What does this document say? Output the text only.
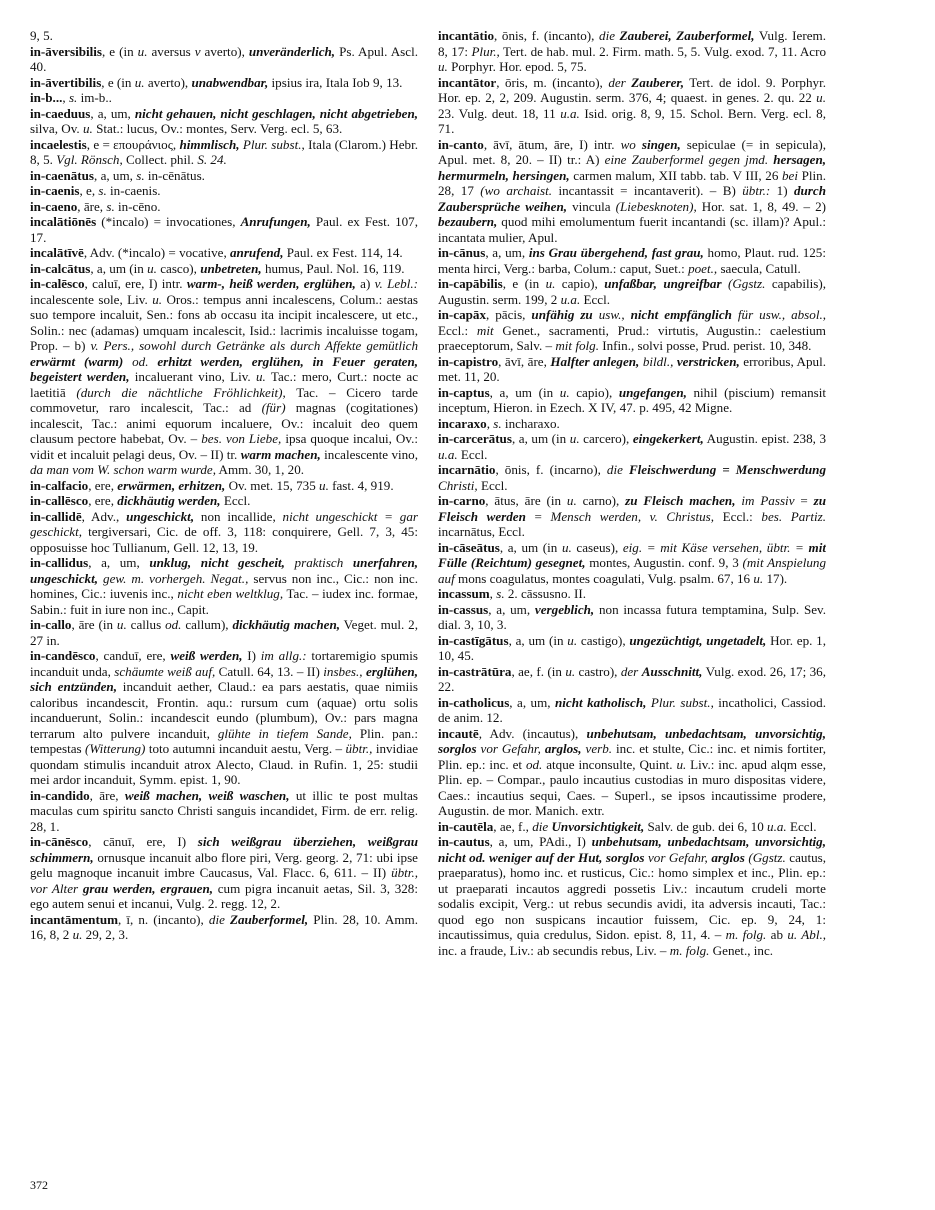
9, 5.

in-āversibilis, e (in u. aversus v averto), unveränderlich, Ps. Apul. Ascl. 40.

in-āvertibilis, e (in u. averto), unabwendbar, ipsius ira, Itala Iob 9, 13.

in-b..., s. im-b..

in-caeduus, a, um, nicht gehauen, nicht geschlagen, nicht abgetrieben, silva, Ov. u. Stat.: lucus, Ov.: montes, Serv. Verg. ecl. 5, 63.

incaelestis, e = επουράνιος, himmlisch, Plur. subst., Itala (Clarom.) Hebr. 8, 5. Vgl. Rönsch, Collect. phil. S. 24.

in-caenātus, a, um, s. in-cēnātus.

in-caenis, e, s. in-caenis.

in-caeno, āre, s. in-cēno.

incalātiōnēs (*incalo) = invocationes, Anrufungen, Paul. ex Fest. 107, 17.

incalātīvē, Adv. (*incalo) = vocative, anrufend, Paul. ex Fest. 114, 14.

in-calcātus, a, um (in u. casco), unbetreten, humus, Paul. Nol. 16, 119.

in-calēsco, caluī, ere, I) intr. warm-, heiß werden, erglühen, a) v. Lebl.: incalescente sole, Liv. u. Oros.: tempus anni incalescens, Colum.: aestas suo tempore incaluit, Sen.: fons ab occasu ita incipit incalescere, ut etc., Solin.: nec (adamas) umquam incalescit, Isid.: lacrimis incaluisse togam, Prop. – b) v. Pers., sowohl durch Getränke als durch Affekte gemütlich erwärmt (warm) od. erhitzt werden, erglühen, in Feuer geraten, begeistert werden, incaluerant vino, Liv. u. Tac.: mero, Curt.: nocte ac laetitiā (durch die nächtliche Fröhlichkeit), Tac. – Cicero tarde commovetur, raro incalescit, Tac.: ad (für) magnas (cogitationes) incalescit, Tac.: animi equorum incaluere, Ov.: incaluit deo quem clausum pectore habebat, Ov. – bes. von Liebe, ipsa quoque incalui, Ov.: vidit et incaluit pelagi deus, Ov. – II) tr. warm machen, incalescente vino, da man vom W. schon warm wurde, Amm. 30, 1, 20.

in-calfacio, ere, erwärmen, erhitzen, Ov. met. 15, 735 u. fast. 4, 919.

in-callēsco, ere, dickhäutig werden, Eccl.

in-callidē, Adv., ungeschickt, non incallide, nicht ungeschickt = gar geschickt, tergiversari, Cic. de off. 3, 118: conquirere, Gell. 7, 3, 45: opposuisse hoc Tullianum, Gell. 12, 13, 19.

in-callidus, a, um, unklug, nicht gescheit, praktisch unerfahren, ungeschickt, gew. m. vorhergeh. Negat., servus non inc., Cic.: non inc. homines, Cic.: iuvenis inc., nicht eben weltklug, Tac. – iudex inc. formae, Sabin.: fuit in iure non inc., Capit.

in-callo, āre (in u. callus od. callum), dickhäutig machen, Veget. mul. 2, 27 in.

in-candēsco, canduī, ere, weiß werden, I) im allg.: tortaremigio spumis incanduit unda, schäumte weiß auf, Catull. 64, 13. – II) insbes., erglühen, sich entzünden, incanduit aether, Claud.: ea pars aestatis, quae nimiis caloribus incandescit, Frontin. aqu.: rursum cum (aquae) ortu solis incanduerunt, Solin.: incandescit eundo (plumbum), Ov.: pars magna terrarum alto pulvere incanduit, glühte in tiefem Sande, Plin. pan.: tempestas (Witterung) toto autumni incanduit aestu, Verg. – übtr., invidiae quondam stimulis incanduit atrox Alecto, Claud. in Rufin. 1, 25: studii mei ardor incanduit, Symm. epist. 1, 90.

in-candido, āre, weiß machen, weiß waschen, ut illic te post multas maculas cum spiritu sancto Christi sanguis incandidet, Firm. de err. relig. 28, 1.

in-cānēsco, cānuī, ere, I) sich weißgrau überziehen, weißgrau schimmern, ornusque incanuit albo flore piri, Verg. georg. 2, 71: ubi ipse gelu magnoque incanuit imbre Caucasus, Val. Flacc. 6, 611. – II) übtr., vor Alter grau werden, ergrauen, cum pigra incanuit aetas, Sil. 3, 328: ego autem senui et incanui, Vulg. 2. regg. 12, 2.

incantāmentum, ī, n. (incanto), die Zauberformel, Plin. 28, 10. Amm. 16, 8, 2 u. 29, 2, 3.

incantātio, ōnis, f. (incanto), die Zauberei, Zauberformel, Vulg. Ierem. 8, 17: Plur., Tert. de hab. mul. 2. Firm. math. 5, 5. Vulg. exod. 7, 11. Acro u. Porphyr. Hor. epod. 5, 75.

incantātor, ōris, m. (incanto), der Zauberer, Tert. de idol. 9. Porphyr. Hor. ep. 2, 2, 209. Augustin. serm. 376, 4; quaest. in genes. 2. qu. 22 u. 23. Vulg. deut. 18, 11 u.a. Isid. orig. 8, 9, 15. Schol. Bern. Verg. ecl. 8, 71.

in-canto, āvī, ātum, āre, I) intr. wo singen, sepiculae (= in sepicula), Apul. met. 8, 20. – II) tr.: A) eine Zauberformel gegen jmd. hersagen, hermurmeln, hersingen, carmen malum, XII tabb. tab. V III, 26 bei Plin. 28, 17 (wo archaist. incantassit = incantaverit). – B) übtr.: 1) durch Zaubersprüche weihen, vincula (Liebesknoten), Hor. sat. 1, 8, 49. – 2) bezaubern, quod mihi emolumentum fuerit incantandi (sc. illam)? Apul.: incantata mulier, Apul.

in-cānus, a, um, ins Grau übergehend, fast grau, homo, Plaut. rud. 125: menta hirci, Verg.: barba, Colum.: caput, Suet.: poet., saecula, Catull.

in-capābilis, e (in u. capio), unfaßbar, ungreifbar (Ggstz. capabilis), Augustin. serm. 199, 2 u.a. Eccl.

in-capāx, pācis, unfähig zu usw., nicht empfänglich für usw., absol., Eccl.: mit Genet., sacramenti, Prud.: virtutis, Augustin.: caelestium praeceptorum, Salv. – mit folg. Infin., solvi posse, Prud. perist. 10, 348.

in-capistro, āvī, āre, Halfter anlegen, bildl., verstricken, erroribus, Apul. met. 11, 20.

in-captus, a, um (in u. capio), ungefangen, nihil (piscium) remansit inceptum, Hieron. in Ezech. X IV, 47. p. 495, 42 Migne.

incaraxo, s. incharaxo.

in-carcerātus, a, um (in u. carcero), eingekerkert, Augustin. epist. 238, 3 u.a. Eccl.

incarnātio, ōnis, f. (incarno), die Fleischwerdung = Menschwerdung Christi, Eccl.

in-carno, ātus, āre (in u. carno), zu Fleisch machen, im Passiv = zu Fleisch werden = Mensch werden, v. Christus, Eccl.: bes. Partiz. incarnātus, Eccl.

in-cāseātus, a, um (in u. caseus), eig. = mit Käse versehen, übtr. = mit Fülle (Reichtum) gesegnet, montes, Augustin. conf. 9, 3 (mit Anspielung auf mons coagulatus, montes coagulati, Vulg. psalm. 67, 16 u. 17).

incassum, s. 2. cāssusno. II.

in-cassus, a, um, vergeblich, non incassa futura temptamina, Sulp. Sev. dial. 3, 10, 3.

in-castīgātus, a, um (in u. castigo), ungezüchtigt, ungetadelt, Hor. ep. 1, 10, 45.

in-castrātūra, ae, f. (in u. castro), der Ausschnitt, Vulg. exod. 26, 17; 36, 22.

in-catholicus, a, um, nicht katholisch, Plur. subst., incatholici, Cassiod. de anim. 12.

incautē, Adv. (incautus), unbehutsam, unbedachtsam, unvorsichtig, sorglos vor Gefahr, arglos, verb. inc. et stulte, Cic.: inc. et nimis fortiter, Plin. ep.: inc. et od. atque inconsulte, Quint. u. Liv.: inc. apud alqm esse, Plin. ep. – Compar., paulo incautius custodias in muro dispositas videre, Caes.: incautius sequi, Caes. – Superl., se ipsos incautissime prodere, Augustin. de mor. Manich. extr.

in-cautēla, ae, f., die Unvorsichtigkeit, Salv. de gub. dei 6, 10 u.a. Eccl.

in-cautus, a, um, PAdi., I) unbehutsam, unbedachtsam, unvorsichtig, nicht od. weniger auf der Hut, sorglos vor Gefahr, arglos (Ggstz. cautus, praeparatus), homo inc. et rusticus, Cic.: homo simplex et inc., Plin. ep.: ut praeparati incautos aggredi possetis Liv.: incautum crudeli morte sodalis excipit, Verg.: ut rebus secundis avidi, ita adversis incauti, Tac.: quod ego non suspicans incautior fuissem, Cic. ep. 9, 24, 1: incautissimus, quia credulus, Sidon. epist. 8, 11, 4. – m. folg. ab u. Abl., inc. a fraude, Liv.: ab secundis rebus, Liv. – m. folg. Genet., inc.

372
